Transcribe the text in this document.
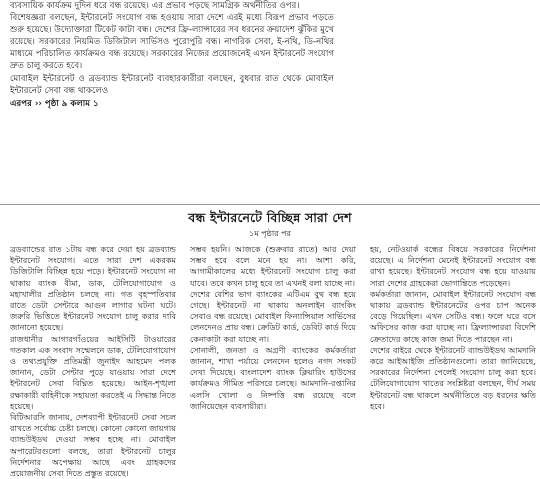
ব্যবসায়িক কার্যক্রম দুদিন ধরে বন্ধ রয়েছে। এর প্রভাব পড়ছে সামগ্রিক অর্থনীতির ওপর।

বিশেষজ্ঞরা বলছেন, ইন্টারনেট সংযোগ বন্ধ হওয়ায় সারা দেশে এরই মধ্যে বিরূপ প্রভাব পড়তে শুরু হয়েছে। উদ্যোক্তারা টিকেট কাটা বন্ধ। দেশের ফ্রি-ল্যান্সারের সব ধরনের ক্রয়াদেশ ঝুঁকির মুখে রয়েছে। সরকারের নিয়মিত ডিজিটাল সার্ভিসও পুরোপুরি বন্ধ। নাগরিক সেবা, ই-নথি, ডি-নথির মাধ্যমে পরিচালিত কার্যক্রমও বন্ধ রয়েছে। সরকারের নিজের প্রয়োজনেই এখন ইন্টারনেট সংযোগ দ্রুত চালু করতে হবে।

মোবাইল ইন্টারনেট ও ব্রডব্যান্ড ইন্টারনেট ব্যবহারকারীরা বলছেন, বুধবার রাত থেকে মোবাইল ইন্টারনেট সেবা বন্ধ থাকলেও

এরপর ›› পৃষ্ঠা ৯ কলাম ১
বন্ধ ইন্টারনেটে বিচ্ছিন্ন সারা দেশ
১ম পৃষ্ঠার পর

ব্রডব্যান্ডের রাত ১টায় বন্ধ করে দেয়া হয় ব্রডব্যান্ড ইন্টারনেট সংযোগ। এতে সারা দেশ একরকম ডিজিটালি বিচ্ছিন্ন হয়ে পড়ে। ইন্টারনেট সংযোগ না থাকায় ব্যাংক বীমা, ডাক, টেলিযোগাযোগ ও মহাখালীর প্রতিষ্ঠান চলছে না। গত বৃহস্পতিবার রাতে ডেটা সেন্টারে আগুন লাগার ঘটনা ঘটে। জরুরি ভিত্তিতে ইন্টারনেট সংযোগ চালু করার দাবি জানানো হয়েছে।

রাজধানীর আগারগাঁওয়ের আইসিটি টাওয়ারের গতকাল এক সংবাদ সম্মেলনে ডাক, টেলিযোগাযোগ ও তথ্যপ্রযুক্তি প্রতিমন্ত্রী জুনাইদ আহমেদ পলক জানান, ডেটা সেন্টার পুড়ে যাওয়ায় সারা দেশে ইন্টারনেট সেবা বিঘ্নিত হয়েছে। আইন-শৃঙ্খলা রক্ষাকারী বাহিনীকে সহায়তা করতেই এ সিদ্ধান্ত নিতে হয়েছে।

বিটিআরসি জানায়, দেশব্যাপী ইন্টারনেট সেবা সচল রাখতে সর্বোচ্চ চেষ্টা চলছে। কোনো কোনো জায়গায় ব্যান্ডউইডথ দেওয়া সম্ভব হচ্ছে না। মোবাইল অপারেটরগুলো বলছে, তারা ইন্টারনেট চালুর নির্দেশনার অপেক্ষায় আছে এবং গ্রাহকদের প্রয়োজনীয় সেবা দিতে প্রস্তুত রয়েছে।

সম্ভব হয়নি। আজকে (শুক্রবার রাতে) আর দেয়া সম্ভব হবে বলে মনে হয় না। আশা করি, আগামীকালের মধ্যে ইন্টারনেট সংযোগ চালু করা যাবে। তবে কখন চালু হবে তা এখনই বলা যাচ্ছে না।

দেশের বেশির ভাগ ব্যাংকের এটিএম বুথ বন্ধ হয়ে গেছে। ইন্টারনেট না থাকায় অনলাইন ব্যাংকিং সেবাও বন্ধ রয়েছে। মোবাইল ফিন্যান্সিয়াল সার্ভিসের লেনদেনও প্রায় বন্ধ। ক্রেডিট কার্ড, ডেবিট কার্ড দিয়ে কেনাকাটা করা যাচ্ছে না।

সোনালী, জনতা ও অগ্রণী ব্যাংকের কর্মকর্তারা জানান, শাখা পর্যায়ে লেনদেন হলেও নগদ সংকট দেখা দিয়েছে। বাংলাদেশ ব্যাংক ক্লিয়ারিং হাউসের কার্যক্রমও সীমিত পরিসরে চলছে। আমদানি-রপ্তানির এলসি খোলা ও নিষ্পত্তি বন্ধ রয়েছে বলে জানিয়েছেন ব্যবসায়ীরা।

হয়, নেটওয়ার্ক বন্ধের বিষয়ে সরকারের নির্দেশনা রয়েছে। এ নির্দেশনা মেনেই ইন্টারনেট সংযোগ বন্ধ রাখা হয়েছে। ইন্টারনেট সংযোগ বন্ধ হয়ে যাওয়ায় সারা দেশের গ্রাহকেরা ভোগান্তিতে পড়েছেন।

কর্মকর্তারা জানান, মোবাইল ইন্টারনেট সংযোগ বন্ধ থাকায় ব্রডব্যান্ড ইন্টারনেটের ওপর চাপ অনেক বেড়ে গিয়েছিল। এখন সেটিও বন্ধ। ফলে ঘরে বসে অফিসের কাজ করা যাচ্ছে না। ফ্রিল্যান্সাররা বিদেশি ক্রেতাদের কাছে কাজ জমা দিতে পারছেন না।

দেশের বাইরে থেকে ইন্টারনেট ব্যান্ডউইডথ আমদানি করে আইআইজি প্রতিষ্ঠানগুলো। তারা জানিয়েছে, সরকারের নির্দেশনা পেলেই সংযোগ চালু করা হবে। টেলিযোগাযোগ খাতের সংশ্লিষ্টরা বলছেন, দীর্ঘ সময় ইন্টারনেট বন্ধ থাকলে অর্থনীতিতে বড় ধরনের ক্ষতি হবে।
